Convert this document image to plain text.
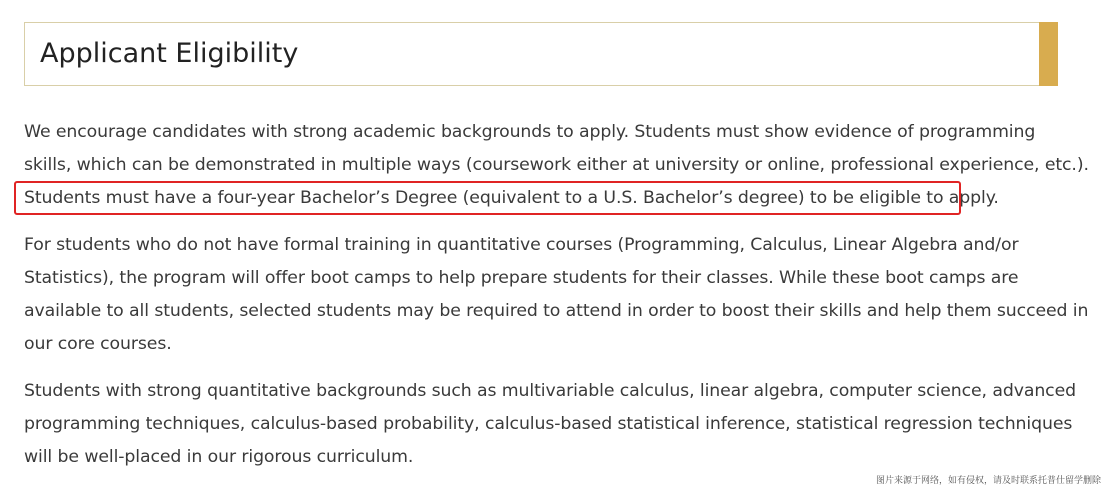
Applicant Eligibility

We encourage candidates with strong academic backgrounds to apply. Students must show evidence of programming
skills, which can be demonstrated in multiple ways (coursework either at university or online, professional experience, etc.).
Students must have a four-year Bachelor’s Degree (equivalent to a U.S. Bachelor’s degree) to be eligible to apply.

For students who do not have formal training in quantitative courses (Programming, Calculus, Linear Algebra and/or
Statistics), the program will offer boot camps to help prepare students for their classes. While these boot camps are
available to all students, selected students may be required to attend in order to boost their skills and help them succeed in
our core courses.

Students with strong quantitative backgrounds such as multivariable calculus, linear algebra, computer science, advanced
programming techniques, calculus-based probability, calculus-based statistical inference, statistical regression techniques
will be well-placed in our rigorous curriculum.

图片来源于网络，如有侵权，请及时联系托普仕留学删除
